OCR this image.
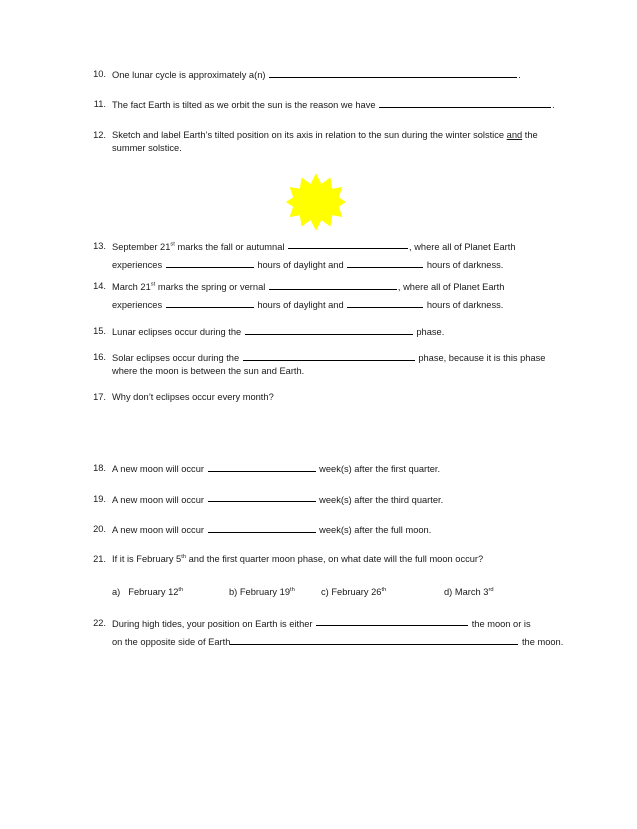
10. One lunar cycle is approximately a(n)	.
11. The fact Earth is tilted as we orbit the sun is the reason we have	.
12. Sketch and label Earth’s tilted position on its axis in relation to the sun during the winter solstice and the summer solstice.
13. September 21st marks the fall or autumnal	, where all of Planet Earth
experiences	hours of daylight and	hours of darkness.
14. March 21st marks the spring or vernal	, where all of Planet Earth
experiences	hours of daylight and	hours of darkness.
15. Lunar eclipses occur during the	phase.
16. Solar eclipses occur during the	phase, because it is this phase where the moon is between the sun and Earth.
17. Why don’t eclipses occur every month?
18. A new moon will occur	week(s) after the first quarter.
19. A new moon will occur	week(s) after the third quarter.
20. A new moon will occur	week(s) after the full moon.
21. If it is February 5th and the first quarter moon phase, on what date will the full moon occur?
a) February 12th	b) February 19th	c) February 26th	d) March 3rd
22. During high tides, your position on Earth is either	the moon or is
on the opposite side of Earth	the moon.
